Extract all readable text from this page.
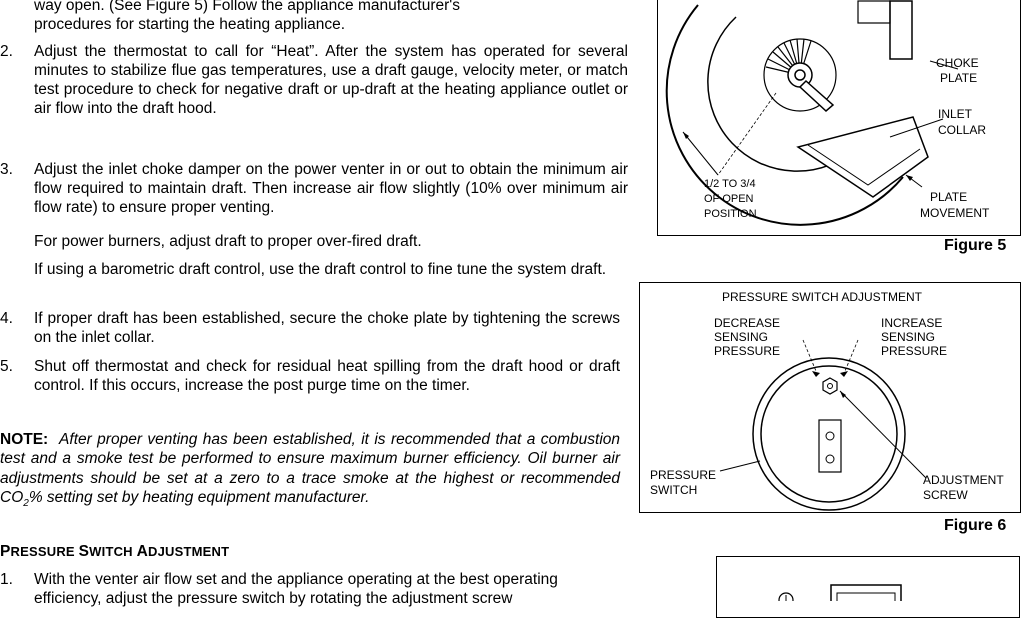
way open. (See Figure 5) Follow the appliance manufacturer's
procedures for starting the heating appliance.
2. Adjust the thermostat to call for “Heat”. After the system has operated for several minutes to stabilize flue gas temperatures, use a draft gauge, velocity meter, or match test procedure to check for negative draft or up-draft at the heating appliance outlet or air flow into the draft hood.
3. Adjust the inlet choke damper on the power venter in or out to obtain the minimum air flow required to maintain draft. Then increase air flow slightly (10% over minimum air flow rate) to ensure proper venting.
For power burners, adjust draft to proper over-fired draft.
If using a barometric draft control, use the draft control to fine tune the system draft.
4. If proper draft has been established, secure the choke plate by tightening the screws on the inlet collar.
5. Shut off thermostat and check for residual heat spilling from the draft hood or draft control. If this occurs, increase the post purge time on the timer.
NOTE: After proper venting has been established, it is recommended that a combustion test and a smoke test be performed to ensure maximum burner efficiency. Oil burner air adjustments should be set at a zero to a trace smoke at the highest or recommended $CO_2\%$ setting set by heating equipment manufacturer.
PRESSURE SWITCH ADJUSTMENT
1. With the venter air flow set and the appliance operating at the best operating
efficiency, adjust the pressure switch by rotating the adjustment screw
CHOKE
PLATE
INLET
COLLAR
1/2 TO 3/4
OF OPEN
POSITION
PLATE
MOVEMENT
Figure 5
PRESSURE SWITCH ADJUSTMENT
DECREASE
SENSING
PRESSURE
INCREASE
SENSING
PRESSURE
PRESSURE
SWITCH
ADJUSTMENT
SCREW
Figure 6
